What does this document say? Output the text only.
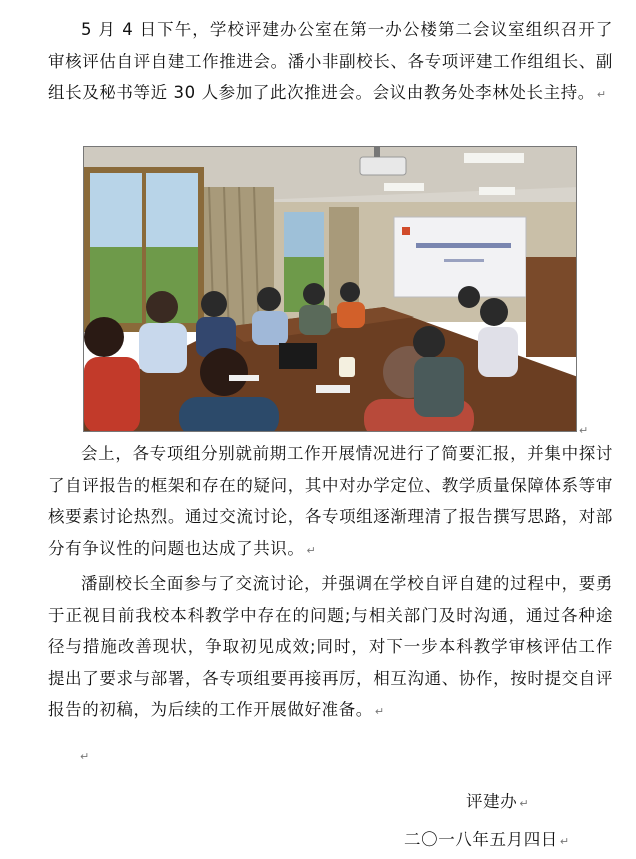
5 月 4 日下午，学校评建办公室在第一办公楼第二会议室组织召开了审核评估自评自建工作推进会。潘小非副校长、各专项评建工作组组长、副组长及秘书等近 30 人参加了此次推进会。会议由教务处李林处长主持。 ↵

↵

会上，各专项组分别就前期工作开展情况进行了简要汇报，并集中探讨了自评报告的框架和存在的疑问，其中对办学定位、教学质量保障体系等审核要素讨论热烈。通过交流讨论，各专项组逐渐理清了报告撰写思路，对部分有争议性的问题也达成了共识。 ↵

潘副校长全面参与了交流讨论，并强调在学校自评自建的过程中，要勇于正视目前我校本科教学中存在的问题;与相关部门及时沟通，通过各种途径与措施改善现状，争取初见成效;同时，对下一步本科教学审核评估工作提出了要求与部署，各专项组要再接再厉，相互沟通、协作，按时提交自评报告的初稿，为后续的工作开展做好准备。 ↵

↵
评建办 ↵
二〇一八年五月四日 ↵
